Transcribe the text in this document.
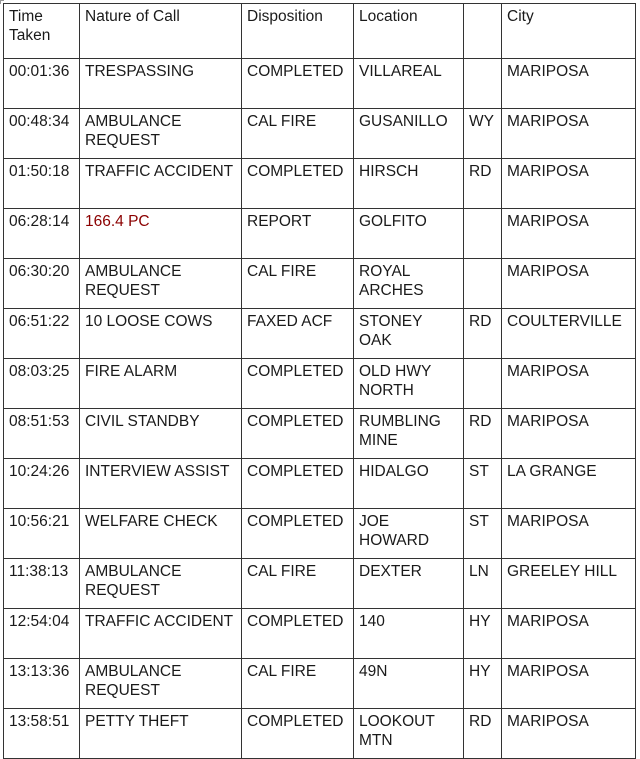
Time Taken	Nature of Call	Disposition	Location		City
00:01:36	TRESPASSING	COMPLETED	VILLAREAL		MARIPOSA
00:48:34	AMBULANCE REQUEST	CAL FIRE	GUSANILLO	WY	MARIPOSA
01:50:18	TRAFFIC ACCIDENT	COMPLETED	HIRSCH	RD	MARIPOSA
06:28:14	166.4 PC	REPORT	GOLFITO		MARIPOSA
06:30:20	AMBULANCE REQUEST	CAL FIRE	ROYAL ARCHES		MARIPOSA
06:51:22	10 LOOSE COWS	FAXED ACF	STONEY OAK	RD	COULTERVILLE
08:03:25	FIRE ALARM	COMPLETED	OLD HWY NORTH		MARIPOSA
08:51:53	CIVIL STANDBY	COMPLETED	RUMBLING MINE	RD	MARIPOSA
10:24:26	INTERVIEW ASSIST	COMPLETED	HIDALGO	ST	LA GRANGE
10:56:21	WELFARE CHECK	COMPLETED	JOE HOWARD	ST	MARIPOSA
11:38:13	AMBULANCE REQUEST	CAL FIRE	DEXTER	LN	GREELEY HILL
12:54:04	TRAFFIC ACCIDENT	COMPLETED	140	HY	MARIPOSA
13:13:36	AMBULANCE REQUEST	CAL FIRE	49N	HY	MARIPOSA
13:58:51	PETTY THEFT	COMPLETED	LOOKOUT MTN	RD	MARIPOSA
